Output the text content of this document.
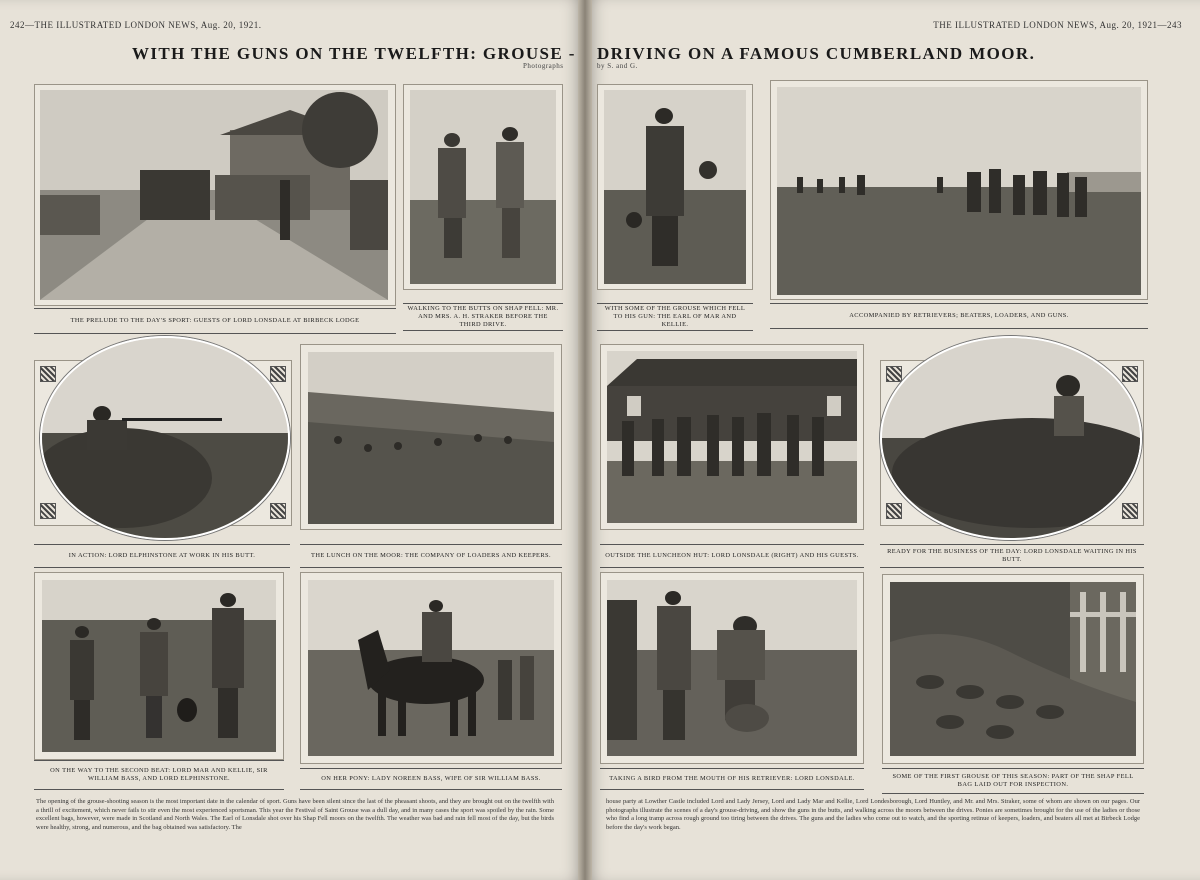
242—THE ILLUSTRATED LONDON NEWS, Aug. 20, 1921.	THE ILLUSTRATED LONDON NEWS, Aug. 20, 1921—243
WITH THE GUNS ON THE TWELFTH: GROUSE - DRIVING ON A FAMOUS CUMBERLAND MOOR.
Photographs	by S. and G.
THE PRELUDE TO THE DAY'S SPORT: GUESTS OF LORD LONSDALE AT BIRBECK LODGE
WALKING TO THE BUTTS ON SHAP FELL: MR. AND MRS. A. H. STRAKER BEFORE THE THIRD DRIVE.
WITH SOME OF THE GROUSE WHICH FELL TO HIS GUN: THE EARL OF MAR AND KELLIE.
ACCOMPANIED BY RETRIEVERS; BEATERS, LOADERS, AND GUNS.
IN ACTION: LORD ELPHINSTONE AT WORK IN HIS BUTT.	THE LUNCH ON THE MOOR: THE COMPANY OF LOADERS AND KEEPERS.	OUTSIDE THE LUNCHEON HUT: LORD LONSDALE (RIGHT) AND HIS GUESTS.
READY FOR THE BUSINESS OF THE DAY: LORD LONSDALE WAITING IN HIS BUTT.
ON THE WAY TO THE SECOND BEAT: LORD MAR AND KELLIE, SIR WILLIAM BASS, AND LORD ELPHINSTONE.	ON HER PONY: LADY NOREEN BASS, WIFE OF SIR WILLIAM BASS.	TAKING A BIRD FROM THE MOUTH OF HIS RETRIEVER: LORD LONSDALE.	SOME OF THE FIRST GROUSE OF THIS SEASON: PART OF THE SHAP FELL BAG LAID OUT FOR INSPECTION.
The opening of the grouse-shooting season is the most important date in the calendar of sport. Guns have been silent since the last of the pheasant shoots, and they are brought out on the twelfth with a thrill of excitement, which never fails to stir even the most experienced sportsman. This year the Festival of Saint Grouse was a dull day, and in many cases the sport was spoiled by the rain. Some excellent bags, however, were made in Scotland and North Wales. The Earl of Lonsdale shot over his Shap Fell moors on the twelfth. The weather was bad and rain fell most of the day, but the birds were healthy, strong, and numerous, and the bag obtained was satisfactory. The
house party at Lowther Castle included Lord and Lady Jersey, Lord and Lady Mar and Kellie, Lord Londesborough, Lord Huntley, and Mr. and Mrs. Straker, some of whom are shown on our pages. Our photographs illustrate the scenes of a day's grouse-driving, and show the guns in the butts, and walking across the moors between the drives. Ponies are sometimes brought for the use of the ladies or those who find a long tramp across rough ground too tiring between the drives. The guns and the ladies who come out to watch, and the sporting retinue of keepers, loaders, and beaters all met at Birbeck Lodge before the day's work began.
